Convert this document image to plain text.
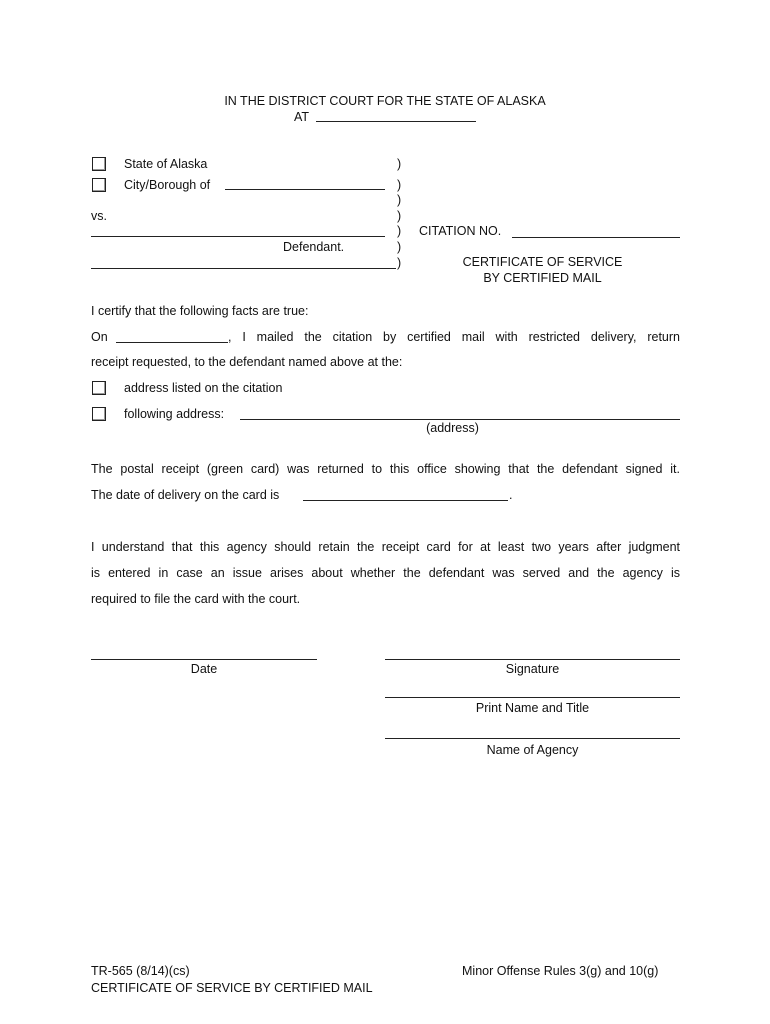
IN THE DISTRICT COURT FOR THE STATE OF ALASKA
AT
State of Alaska
City/Borough of
vs.
Defendant.
)
)
)
)
)
)
)
CITATION NO.
CERTIFICATE OF SERVICE
BY CERTIFIED MAIL
I certify that the following facts are true:
On	, I mailed the citation by certified mail with restricted delivery, return
receipt requested, to the defendant named above at the:
address listed on the citation
following address:
(address)
The postal receipt (green card) was returned to this office showing that the defendant signed it.
The date of delivery on the card is	.
I understand that this agency should retain the receipt card for at least two years after judgment
is entered in case an issue arises about whether the defendant was served and the agency is
required to file the card with the court.
Date	Signature
Print Name and Title
Name of Agency
TR-565 (8/14)(cs)
CERTIFICATE OF SERVICE BY CERTIFIED MAIL
Minor Offense Rules 3(g) and 10(g)
